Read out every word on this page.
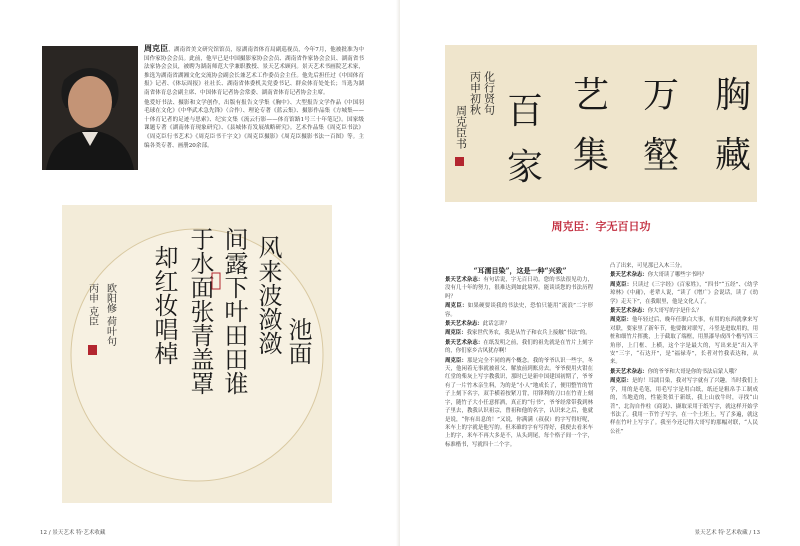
周克臣，湖南省美文研究馆馆员，原湖南省体育局副巡视员，今年7月，他被批准为中国作家协会会员。此前，他早已是中国摄影家协会会员、湖南省作家协会会员、湖南省书法家协会会员，被聘为湖南师范大学兼职教授、景天艺术顾问。景天艺术书画院艺术家，推选为湖南省湖湘文化交流协会副会长兼艺术工作委员会主任。他先后担任过《中国体育报》记者、《体坛周报》社社长、湖南省体委机关党委书记、群众体育处处长；当选为湖南省体育总会副主席、中国体育记者协会常委、湖南省体育记者协会主席。

他爱好书法、摄影和文学创作，出版有报告文学集《胸中》、大型报告文学作品《中国羽毛球在文化》《中华武术急先锋》（合作）、理论专著《蓝云集》、摄影作品集《方城集——十体育记者的足迹与思索》、纪实文集《流云行影——体育馆路1号三十年笔记》。国家级课题专著《湖南体育现象研究》、《县城体育发展战略研究》。艺术作品集《周克臣书法》《周克臣行书艺术》《周克臣书千字文》《周克臣摄影》《周克臣摄影书法一百图》等。主编各类专著、画册20余部。

池面
风来波潋潋
间露下叶田田谁
于水面张青盖罩
却红妆唱棹
欧阳修 荷叶句
丙申 克臣
12 / 景天艺术 特·艺术收藏
胸
藏
万
壑
集
艺
百
家
化行贤句
丙申初秋
周克臣书
周克臣：字无百日功
“耳濡目染”，这是一种“兴致”

景天艺术杂志：有句话说，字无百日功。您的书法很见功力，没有几十年的努力，很难达到如此境界。能谈谈您的书法历程吗？

周克臣：如果硬要谈我的书法史，恐怕只能用“流浪”二字形容。

景天艺术杂志：此话怎讲？

周克臣：我家世代务农，我是从竹子和衣兵上接触“书法”的。

景天艺术杂志：在纸发明之前，我们的祖先就是在竹片上刻字的，你们家乡古风犹存啊！

周克臣：那是完全不同的两个概念。我的爷爷认识一些字，冬天，他闲着无事就被祖父、解放前到账房去。爷爷便用火钳在红堂的柴灰上写字教我识，那时已是新中国建国初期了，爷爷有了一片竹木亲生料，为的是“小人”地成长了，便用整竹的竹子上刻下名字，双手横着按紧刀背，用锋利的刀口在竹青上刻字，随竹子大小任意挥洒，真正的“行书”，爷爷经常带我到林子里去，教我认识祖宗，曾祖和他的名字，认识来之后，他就是说，“你有出息的！”又说，你满满（叔叔）的字写得好呢，米车上的字就是他写的。但米碓的字有写得好，我便去看米车上的字，米车不再大多是不，从头到尾，每个格子间一个字，标准楷书，写就四十二个字。

凸了出来，可见那已入木三分。

景天艺术杂志：你大哥读了哪些字书吗？

周克臣：只读过《三字经》《百家姓》，“四书”“五经”、《幼学琼林》《中庸》，老辈人说，“读了《增广》会说话，读了《幼学》走天下”，在我眼里，他是文化人了。

景天艺术杂志：你大哥写的字是什么？

周克臣：他年轻过后，晚年任职白大事，有用的东西就拿来写对联，要家里了新年节，他要做对联写，斗竖是进取用的，用桩和细竹片挥挑，上于截取了端框，用黑漆导成四个楷写四三角形，上门框、上横，这个字是最大的，写出来是“出入平安”三字，“石达开”，是“福禄寿”，长者对竹我表达和，从来。

景天艺术杂志：你的爷爷和大哥是你的书法启蒙人哦？

周克臣：是的！耳濡目染，我对写字就有了兴趣。当时我们上学，用的是毛笔，用毛写字是用白纸，纸还是粗帛手工制成的，当地造的，性能类似于新纸，我上山放牛时，寻找“山苕”，北沟自作柱《商说》、撷取采用于纸写字，就这样开始学书法了。我用一节竹子写字，在一个土坯上，写了多遍，就这样在竹叶上写字了。我至今还记得大哥写的那幅对联，“人民公社”

景天艺术 特·艺术收藏 / 13
